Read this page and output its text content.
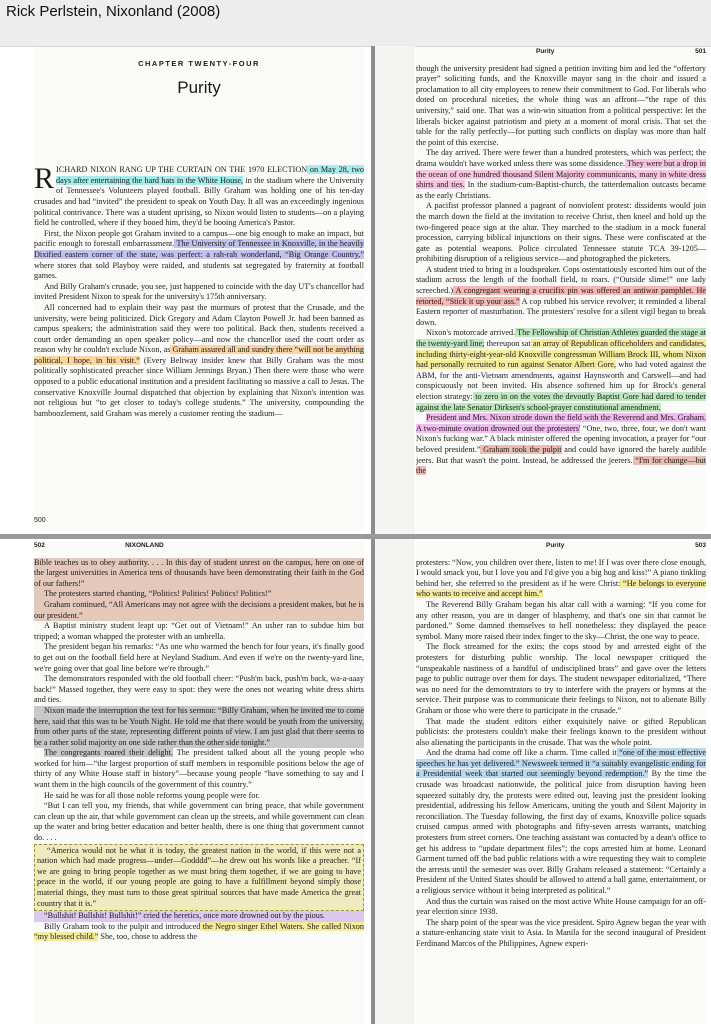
Rick Perlstein, Nixonland (2008)
CHAPTER TWENTY-FOUR
Purity

RICHARD NIXON RANG UP THE CURTAIN ON THE 1970 ELECTION on May 28, two days after entertaining the hard hats in the White House, in the stadium where the University of Tennessee's Volunteers played football. Billy Graham was holding one of his ten-day crusades and had “invited” the president to speak on Youth Day. It all was an exceedingly ingenious political contrivance. There was a student uprising, so Nixon would listen to students—on a playing field he controlled, where if they booed him, they'd be booing America's Pastor.

First, the Nixon people got Graham invited to a campus—one big enough to make an impact, but pacific enough to forestall embarrassment. The University of Tennessee in Knoxville, in the heavily Dixified eastern corner of the state, was perfect: a rah-rah wonderland, “Big Orange Country,” where stores that sold Playboy were raided, and students sat segregated by fraternity at football games.

And Billy Graham's crusade, you see, just happened to coincide with the day UT's chancellor had invited President Nixon to speak for the university's 175th anniversary.

All concerned had to explain their way past the murmurs of protest that the Crusade, and the university, were being politicized. Dick Gregory and Adam Clayton Powell Jr. had been banned as campus speakers; the administration said they were too political. Back then, students received a court order demanding an open speaker policy—and now the chancellor used the court order as reason why he couldn't exclude Nixon, as Graham assured all and sundry there “will not be anything political, I hope, in his visit.” (Every Beltway insider knew that Billy Graham was the most politically sophisticated preacher since William Jennings Bryan.) Then there were those who were opposed to a public educational institution and a president facilitating so massive a call to Jesus. The conservative Knoxville Journal dispatched that objection by explaining that Nixon's intention was not religious but “to get closer to today's college students.” The university, compounding the bamboozlement, said Graham was merely a customer renting the stadium—

500
Purity	501

though the university president had signed a petition inviting him and led the “offertory prayer” soliciting funds, and the Knoxville mayor sang in the choir and issued a proclamation to all city employees to renew their commitment to God. For liberals who doted on procedural niceties, the whole thing was an affront—“the rape of this university,” said one. That was a win-win situation from a political perspective: let the liberals bicker against patriotism and piety at a moment of moral crisis. That set the table for the rally perfectly—for putting such conflicts on display was more than half the point of this exercise.

The day arrived. There were fewer than a hundred protesters, which was perfect; the drama wouldn't have worked unless there was some dissidence. They were but a drop in the ocean of one hundred thousand Silent Majority communicants, many in white dress shirts and ties. In the stadium-cum-Baptist-church, the tatterdemalion outcasts became as the early Christians.

A pacifist professor planned a pageant of nonviolent protest: dissidents would join the march down the field at the invitation to receive Christ, then kneel and hold up the two-fingered peace sign at the altar. They marched to the stadium in a mock funeral procession, carrying biblical injunctions on their signs. These were confiscated at the gate as potential weapons. Police circulated Tennessee statute TCA 39-1205—prohibiting disruption of a religious service—and photographed the picketers.

A student tried to bring in a loudspeaker. Cops ostentatiously escorted him out of the stadium across the length of the football field, to roars. (“Outside slime!” one lady screeched.) A congregant wearing a crucifix pin was offered an antiwar pamphlet. He retorted, “Stick it up your ass.” A cop rubbed his service revolver; it reminded a liberal Eastern reporter of masturbation. The protesters' resolve for a silent vigil began to break down.

Nixon's motorcade arrived. The Fellowship of Christian Athletes guarded the stage at the twenty-yard line; thereupon sat an array of Republican officeholders and candidates, including thirty-eight-year-old Knoxville congressman William Brock III, whom Nixon had personally recruited to run against Senator Albert Gore, who had voted against the ABM, for the anti-Vietnam amendments, against Haynsworth and Carswell—and had conspicuously not been invited. His absence softened him up for Brock's general election strategy: to zero in on the votes the devoutly Baptist Gore had dared to tender against the late Senator Dirksen's school-prayer constitutional amendment.

President and Mrs. Nixon strode down the field with the Reverend and Mrs. Graham. A two-minute ovation drowned out the protesters' “One, two, three, four, we don't want Nixon's fucking war.” A black minister offered the opening invocation, a prayer for “our beloved president.” Graham took the pulpit and could have ignored the barely audible jeers. But that wasn't the point. Instead, he addressed the jeerers. “I'm for change—but the

502	NIXONLAND

Bible teaches us to obey authority. . . . In this day of student unrest on the campus, here on one of the largest universities in America tens of thousands have been demonstrating their faith in the God of our fathers!”

The protesters started chanting, “Politics! Politics! Politics! Politics!”

Graham continued, “All Americans may not agree with the decisions a president makes, but he is our president.”

A Baptist ministry student leapt up: “Get out of Vietnam!” An usher ran to subdue him but tripped; a woman whapped the protester with an umbrella.

The president began his remarks: “As one who warmed the bench for four years, it's finally good to get out on the football field here at Neyland Stadium. And even if we're on the twenty-yard line, we're going over that goal line before we're through.”

The demonstrators responded with the old football cheer: “Push'm back, push'm back, wa-a-aaay back!” Massed together, they were easy to spot: they were the ones not wearing white dress shirts and ties.

Nixon made the interruption the text for his sermon: “Billy Graham, when he invited me to come here, said that this was to be Youth Night. He told me that there would be youth from the university, from other parts of the state, representing different points of view. I am just glad that there seems to be a rather solid majority on one side rather than the other side tonight.”

The congregants roared their delight. The president talked about all the young people who worked for him—“the largest proportion of staff members in responsible positions below the age of thirty of any White House staff in history”—because young people “have something to say and I want them in the high councils of the government of this country.”

He said he was for all those noble reforms young people were for.

“But I can tell you, my friends, that while government can bring peace, that while government can clean up the air, that while government can clean up the streets, and while government can clean up the water and bring better education and better health, there is one thing that government cannot do. . . .

“America would not be what it is today, the greatest nation in the world, if this were not a nation which had made progress—under—Godddd”—he drew out his words like a preacher. “If we are going to bring people together as we must bring them together, if we are going to have peace in the world, if our young people are going to have a fulfillment beyond simply those material things, they must turn to those great spiritual sources that have made America the great country that it is.”

“Bullshit! Bullshit! Bullshit!” cried the heretics, once more drowned out by the pious.

Billy Graham took to the pulpit and introduced the Negro singer Ethel Waters. She called Nixon “my blessed child.” She, too, chose to address the

Purity	503

protesters: “Now, you children over there, listen to me! If I was over there close enough, I would smack you, but I love you and I'd give you a big hug and kiss!” A piano tinkling behind her, she referred to the president as if he were Christ: “He belongs to everyone who wants to receive and accept him.”

The Reverend Billy Graham began his altar call with a warning: “If you come for any other reason, you are in danger of blasphemy, and that's one sin that cannot be pardoned.” Some damned themselves to hell nonetheless: they displayed the peace symbol. Many more raised their index finger to the sky—Christ, the one way to peace.

The flock streamed for the exits; the cops stood by and arrested eight of the protesters for disturbing public worship. The local newspaper critiqued the “unspeakable nastiness of a handful of undisciplined brats” and gave over the letters page to public outrage over them for days. The student newspaper editorialized, “There was no need for the demonstrators to try to interfere with the prayers or hymns at the service. Their purpose was to communicate their feelings to Nixon, not to alienate Billy Graham or those who were there to participate in the crusade.”

That made the student editors either exquisitely naive or gifted Republican publicists: the protesters couldn't make their feelings known to the president without also alienating the participants in the crusade. That was the whole point.

And the drama had come off like a charm. Time called it “one of the most effective speeches he has yet delivered.” Newsweek termed it “a suitably evangelistic ending for a Presidential week that started out seemingly beyond redemption.” By the time the crusade was broadcast nationwide, the political juice from disruption having been squeezed suitably dry, the protests were edited out, leaving just the president looking presidential, addressing his fellow Americans, uniting the youth and Silent Majority in reconciliation. The Tuesday following, the first day of exams, Knoxville police squads cruised campus armed with photographs and fifty-seven arrests warrants, snatching protesters from street corners. One teaching assistant was contacted by a dean's office to get his address to “update department files”; the cops arrested him at home. Leonard Garment turned off the bad public relations with a wire requesting they wait to complete the arrests until the semester was over. Billy Graham released a statement: “Certainly a President of the United States should be allowed to attend a ball game, entertainment, or a religious service without it being interpreted as political.”

And thus the curtain was raised on the most active White House campaign for an off-year election since 1938.

The sharp point of the spear was the vice president. Spiro Agnew began the year with a stature-enhancing state visit to Asia. In Manila for the second inaugural of President Ferdinand Marcos of the Philippines, Agnew experi-
